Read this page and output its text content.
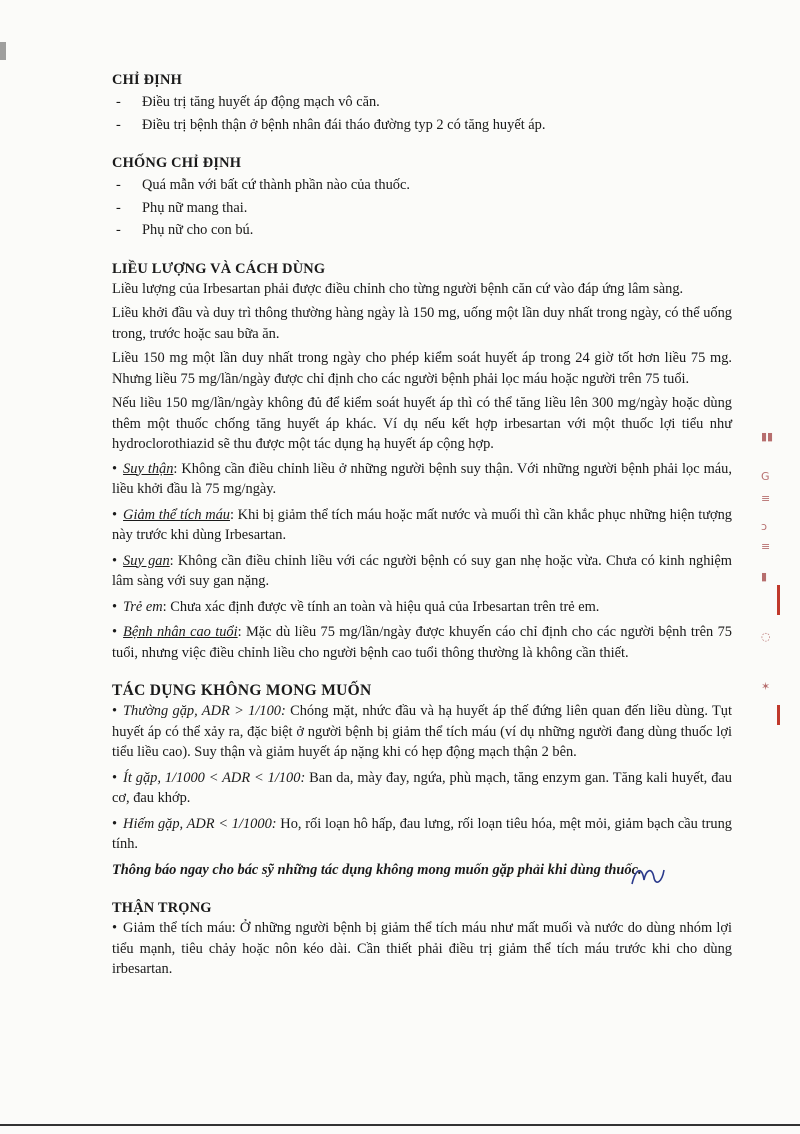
CHỈ ĐỊNH
- Điều trị tăng huyết áp động mạch vô căn.
- Điều trị bệnh thận ở bệnh nhân đái tháo đường typ 2 có tăng huyết áp.
CHỐNG CHỈ ĐỊNH
- Quá mẫn với bất cứ thành phần nào của thuốc.
- Phụ nữ mang thai.
- Phụ nữ cho con bú.
LIỀU LƯỢNG VÀ CÁCH DÙNG

Liều lượng của Irbesartan phải được điều chỉnh cho từng người bệnh căn cứ vào đáp ứng lâm sàng.

Liều khởi đầu và duy trì thông thường hàng ngày là 150 mg, uống một lần duy nhất trong ngày, có thể uống trong, trước hoặc sau bữa ăn.

Liều 150 mg một lần duy nhất trong ngày cho phép kiểm soát huyết áp trong 24 giờ tốt hơn liều 75 mg. Nhưng liều 75 mg/lần/ngày được chỉ định cho các người bệnh phải lọc máu hoặc người trên 75 tuổi.

Nếu liều 150 mg/lần/ngày không đủ để kiểm soát huyết áp thì có thể tăng liều lên 300 mg/ngày hoặc dùng thêm một thuốc chống tăng huyết áp khác. Ví dụ nếu kết hợp irbesartan với một thuốc lợi tiểu như hydroclorothiazid sẽ thu được một tác dụng hạ huyết áp cộng hợp.

• Suy thận: Không cần điều chỉnh liều ở những người bệnh suy thận. Với những người bệnh phải lọc máu, liều khởi đầu là 75 mg/ngày.
• Giảm thể tích máu: Khi bị giảm thể tích máu hoặc mất nước và muối thì cần khắc phục những hiện tượng này trước khi dùng Irbesartan.
• Suy gan: Không cần điều chỉnh liều với các người bệnh có suy gan nhẹ hoặc vừa. Chưa có kinh nghiệm lâm sàng với suy gan nặng.
• Trẻ em: Chưa xác định được về tính an toàn và hiệu quả của Irbesartan trên trẻ em.
• Bệnh nhân cao tuổi: Mặc dù liều 75 mg/lần/ngày được khuyến cáo chỉ định cho các người bệnh trên 75 tuổi, nhưng việc điều chỉnh liều cho người bệnh cao tuổi thông thường là không cần thiết.
TÁC DỤNG KHÔNG MONG MUỐN
• Thường gặp, ADR > 1/100: Chóng mặt, nhức đầu và hạ huyết áp thế đứng liên quan đến liều dùng. Tụt huyết áp có thể xảy ra, đặc biệt ở người bệnh bị giảm thể tích máu (ví dụ những người đang dùng thuốc lợi tiểu liều cao). Suy thận và giảm huyết áp nặng khi có hẹp động mạch thận 2 bên.
• Ít gặp, 1/1000 < ADR < 1/100: Ban da, mày đay, ngứa, phù mạch, tăng enzym gan. Tăng kali huyết, đau cơ, đau khớp.
• Hiếm gặp, ADR < 1/1000: Ho, rối loạn hô hấp, đau lưng, rối loạn tiêu hóa, mệt mỏi, giảm bạch cầu trung tính.

Thông báo ngay cho bác sỹ những tác dụng không mong muốn gặp phải khi dùng thuốc.

THẬN TRỌNG
• Giảm thể tích máu: Ở những người bệnh bị giảm thể tích máu như mất muối và nước do dùng nhóm lợi tiểu mạnh, tiêu chảy hoặc nôn kéo dài. Cần thiết phải điều trị giảm thể tích máu trước khi cho dùng irbesartan.
▮▮
G
≡
ɔ
≡
▮
◌
✶
